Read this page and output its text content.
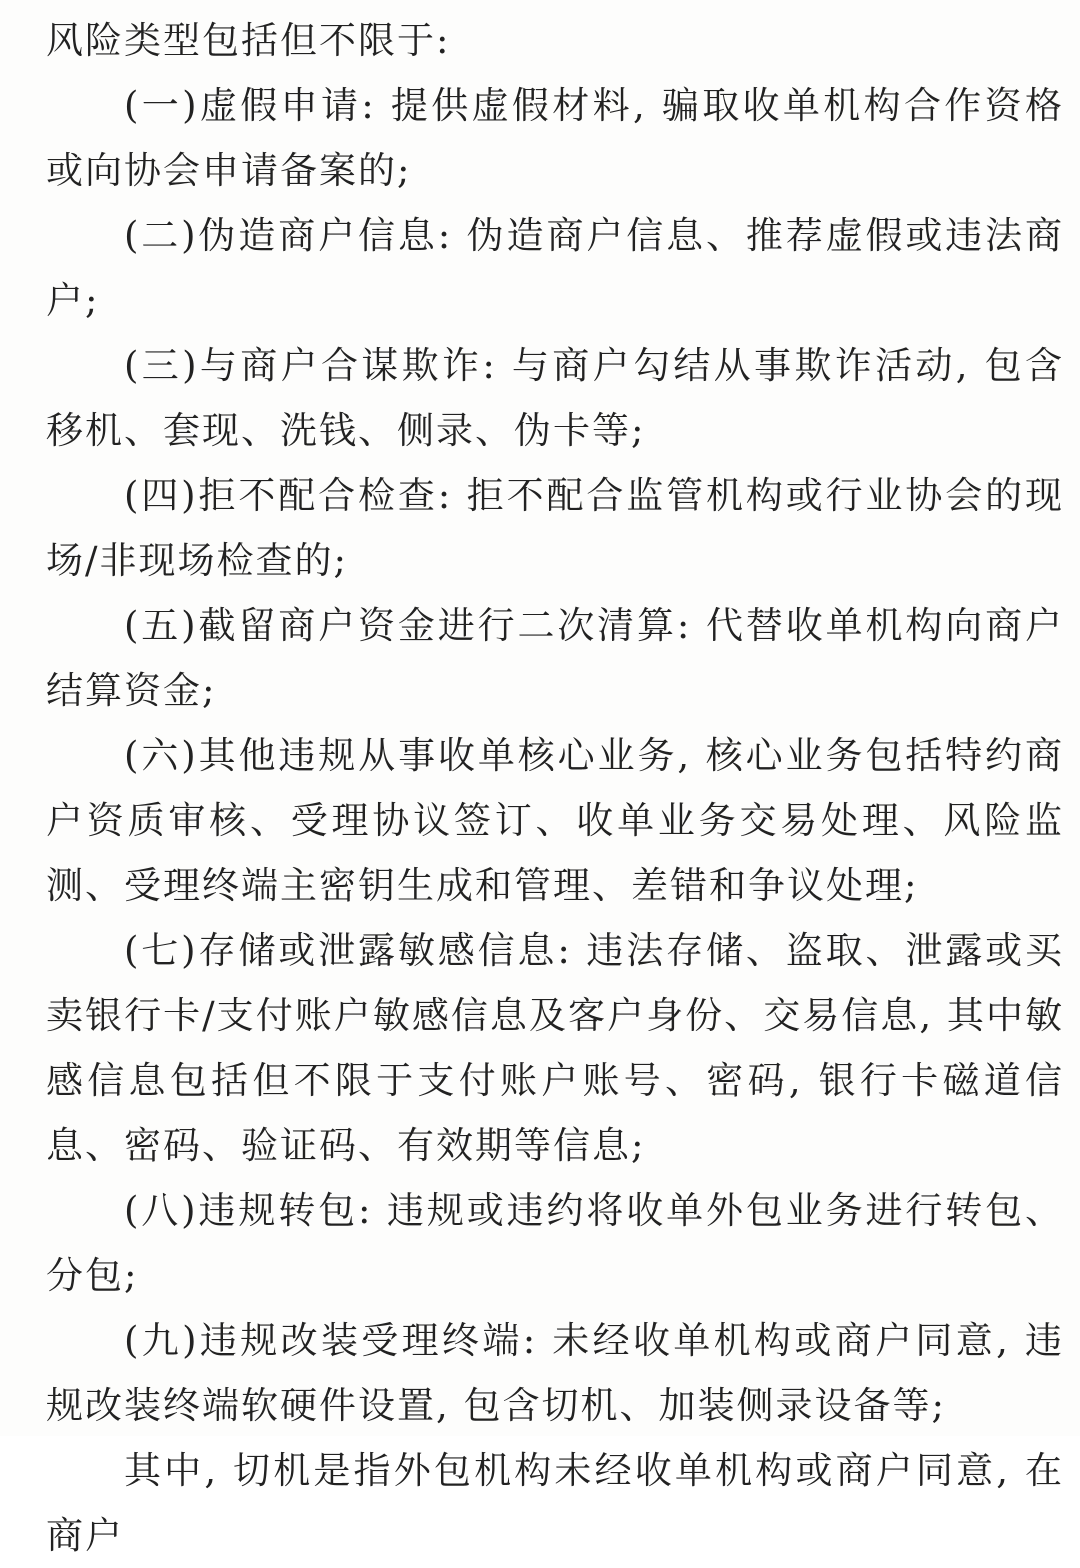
风险类型包括但不限于:

(一)虚假申请: 提供虚假材料, 骗取收单机构合作资格或向协会申请备案的;

(二)伪造商户信息: 伪造商户信息、推荐虚假或违法商户;

(三)与商户合谋欺诈: 与商户勾结从事欺诈活动, 包含移机、套现、洗钱、侧录、伪卡等;

(四)拒不配合检查: 拒不配合监管机构或行业协会的现场/非现场检查的;

(五)截留商户资金进行二次清算: 代替收单机构向商户结算资金;

(六)其他违规从事收单核心业务, 核心业务包括特约商户资质审核、受理协议签订、收单业务交易处理、风险监测、受理终端主密钥生成和管理、差错和争议处理;

(七)存储或泄露敏感信息: 违法存储、盗取、泄露或买卖银行卡/支付账户敏感信息及客户身份、交易信息, 其中敏感信息包括但不限于支付账户账号、密码, 银行卡磁道信息、密码、验证码、有效期等信息;

(八)违规转包: 违规或违约将收单外包业务进行转包、分包;

(九)违规改装受理终端: 未经收单机构或商户同意, 违规改装终端软硬件设置, 包含切机、加装侧录设备等;

其中, 切机是指外包机构未经收单机构或商户同意, 在商户
